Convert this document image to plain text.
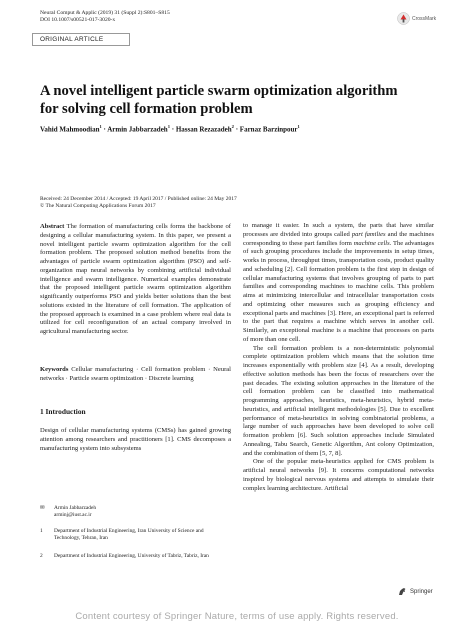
Neural Comput & Applic (2019) 31 (Suppl 2):S801–S815
DOI 10.1007/s00521-017-3020-x	CrossMark
ORIGINAL ARTICLE
A novel intelligent particle swarm optimization algorithm
for solving cell formation problem
Vahid Mahmoodian$^1$ · Armin Jabbarzadeh$^1$ · Hassan Rezazadeh$^2$ · Farnaz Barzinpour$^1$
Received: 24 December 2014 / Accepted: 19 April 2017 / Published online: 24 May 2017
© The Natural Computing Applications Forum 2017

Abstract The formation of manufacturing cells forms the backbone of designing a cellular manufacturing system. In this paper, we present a novel intelligent particle swarm optimization algorithm for the cell formation problem. The proposed solution method benefits from the advantages of particle swarm optimization algorithm (PSO) and self-organization map neural networks by combining artificial individual intelligence and swarm intelligence. Numerical examples demonstrate that the proposed intelligent particle swarm optimization algorithm significantly outperforms PSO and yields better solutions than the best solutions existed in the literature of cell formation. The application of the proposed approach is examined in a case problem where real data is utilized for cell reconfiguration of an actual company involved in agricultural manufacturing sector.

Keywords Cellular manufacturing · Cell formation problem · Neural networks · Particle swarm optimization · Discrete learning

1 Introduction
Design of cellular manufacturing systems (CMSs) has gained growing attention among researchers and practitioners [1]. CMS decomposes a manufacturing system into subsystems
✉	Armin Jabbarzadeh
arminj@iust.ac.ir
1	Department of Industrial Engineering, Iran University of Science and Technology, Tehran, Iran
2	Department of Industrial Engineering, University of Tabriz, Tabriz, Iran

to manage it easier. In such a system, the parts that have similar processes are divided into groups called part families and the machines corresponding to these part families form machine cells. The advantages of such grouping procedures include the improvements in setup times, works in process, throughput times, transportation costs, product quality and scheduling [2]. Cell formation problem is the first step in design of cellular manufacturing systems that involves grouping of parts to part families and corresponding machines to machine cells. This problem aims at minimizing intercellular and intracellular transportation costs and optimizing other measures such as grouping efficiency and exceptional parts and machines [3]. Here, an exceptional part is referred to the part that requires a machine which serves in another cell. Similarly, an exceptional machine is a machine that processes on parts of more than one cell.

The cell formation problem is a non-deterministic polynomial complete optimization problem which means that the solution time increases exponentially with problem size [4]. As a result, developing effective solution methods has been the focus of researchers over the past decades. The existing solution approaches in the literature of the cell formation problem can be classified into mathematical programming approaches, heuristics, meta-heuristics, hybrid meta-heuristics, and artificial intelligent methodologies [5]. Due to excellent performance of meta-heuristics in solving combinatorial problems, a large number of such approaches have been developed to solve cell formation problem [6]. Such solution approaches include Simulated Annealing, Tabu Search, Genetic Algorithm, Ant colony Optimization, and the combination of them [5, 7, 8].

One of the popular meta-heuristics applied for CMS problem is artificial neural networks [9]. It concerns computational networks inspired by biological nervous systems and attempts to simulate their complex learning architecture. Artificial

Springer
Content courtesy of Springer Nature, terms of use apply. Rights reserved.
